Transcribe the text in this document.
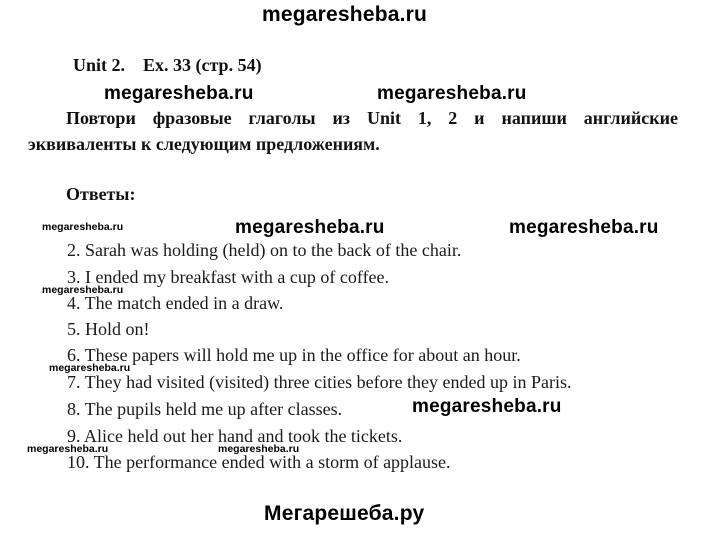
megaresheba.ru
megaresheba.ru	megaresheba.ru
megaresheba.ru	megaresheba.ru
megaresheba.ru
megaresheba.ru
megaresheba.ru
megaresheba.ru
megaresheba.ru	megaresheba.ru
Мегарешеба.ру
Unit 2.    Ex. 33 (стр. 54)
Повтори фразовые глаголы из Unit 1, 2 и напиши английские
эквиваленты к следующим предложениям.
Ответы:
2. Sarah was holding (held) on to the back of the chair.
3. I ended my breakfast with a cup of coffee.
4. The match ended in a draw.
5. Hold on!
6. These papers will hold me up in the office for about an hour.
7. They had visited (visited) three cities before they ended up in Paris.
8. The pupils held me up after classes.
9. Alice held out her hand and took the tickets.
10. The performance ended with a storm of applause.
